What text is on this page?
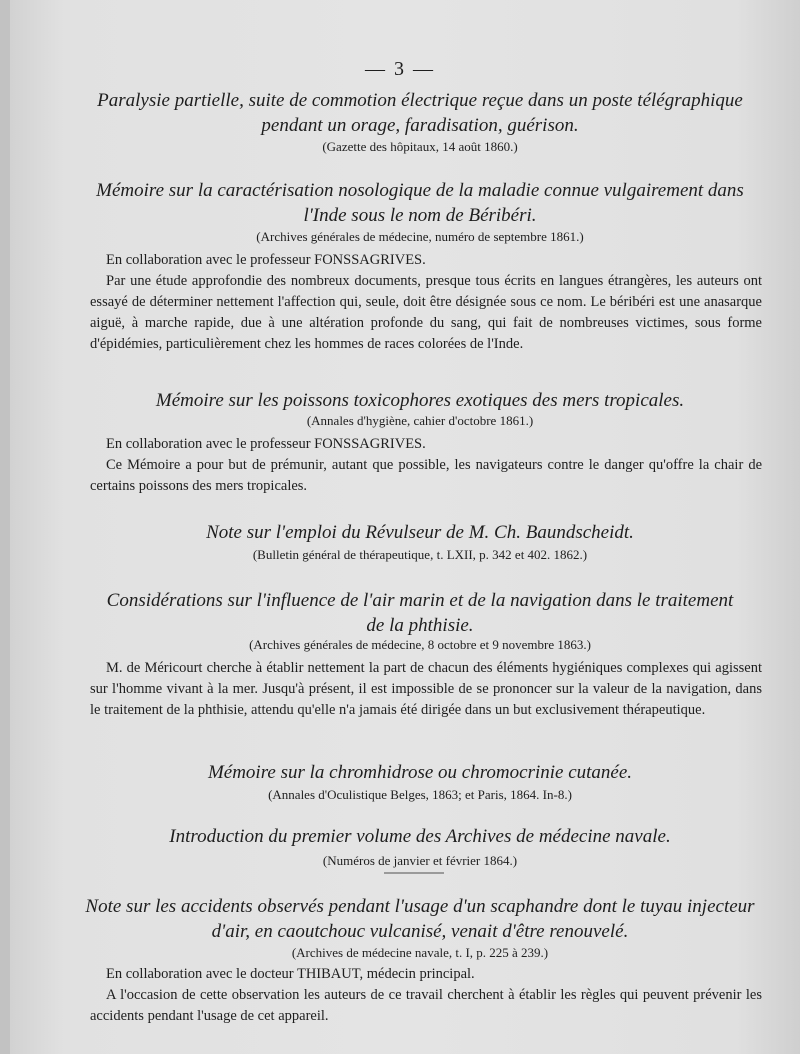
— 3 —
Paralysie partielle, suite de commotion électrique reçue dans un poste télégraphique
pendant un orage, faradisation, guérison.
(Gazette des hôpitaux, 14 août 1860.)
Mémoire sur la caractérisation nosologique de la maladie connue vulgairement dans
l'Inde sous le nom de Béribéri.
(Archives générales de médecine, numéro de septembre 1861.)

En collaboration avec le professeur FONSSAGRIVES.

Par une étude approfondie des nombreux documents, presque tous écrits en langues étrangères, les auteurs ont essayé de déterminer nettement l'affection qui, seule, doit être désignée sous ce nom. Le béribéri est une anasarque aiguë, à marche rapide, due à une altération profonde du sang, qui fait de nombreuses victimes, sous forme d'épidémies, particulièrement chez les hommes de races colorées de l'Inde.

Mémoire sur les poissons toxicophores exotiques des mers tropicales.
(Annales d'hygiène, cahier d'octobre 1861.)

En collaboration avec le professeur FONSSAGRIVES.

Ce Mémoire a pour but de prémunir, autant que possible, les navigateurs contre le danger qu'offre la chair de certains poissons des mers tropicales.

Note sur l'emploi du Révulseur de M. Ch. Baundscheidt.
(Bulletin général de thérapeutique, t. LXII, p. 342 et 402. 1862.)
Considérations sur l'influence de l'air marin et de la navigation dans le traitement
de la phthisie.
(Archives générales de médecine, 8 octobre et 9 novembre 1863.)

M. de Méricourt cherche à établir nettement la part de chacun des éléments hygiéniques complexes qui agissent sur l'homme vivant à la mer. Jusqu'à présent, il est impossible de se prononcer sur la valeur de la navigation, dans le traitement de la phthisie, attendu qu'elle n'a jamais été dirigée dans un but exclusivement thérapeutique.

Mémoire sur la chromhidrose ou chromocrinie cutanée.
(Annales d'Oculistique Belges, 1863; et Paris, 1864. In-8.)
Introduction du premier volume des Archives de médecine navale.
(Numéros de janvier et février 1864.)
Note sur les accidents observés pendant l'usage d'un scaphandre dont le tuyau injecteur
d'air, en caoutchouc vulcanisé, venait d'être renouvelé.
(Archives de médecine navale, t. I, p. 225 à 239.)

En collaboration avec le docteur THIBAUT, médecin principal.

A l'occasion de cette observation les auteurs de ce travail cherchent à établir les règles qui peuvent prévenir les accidents pendant l'usage de cet appareil.
